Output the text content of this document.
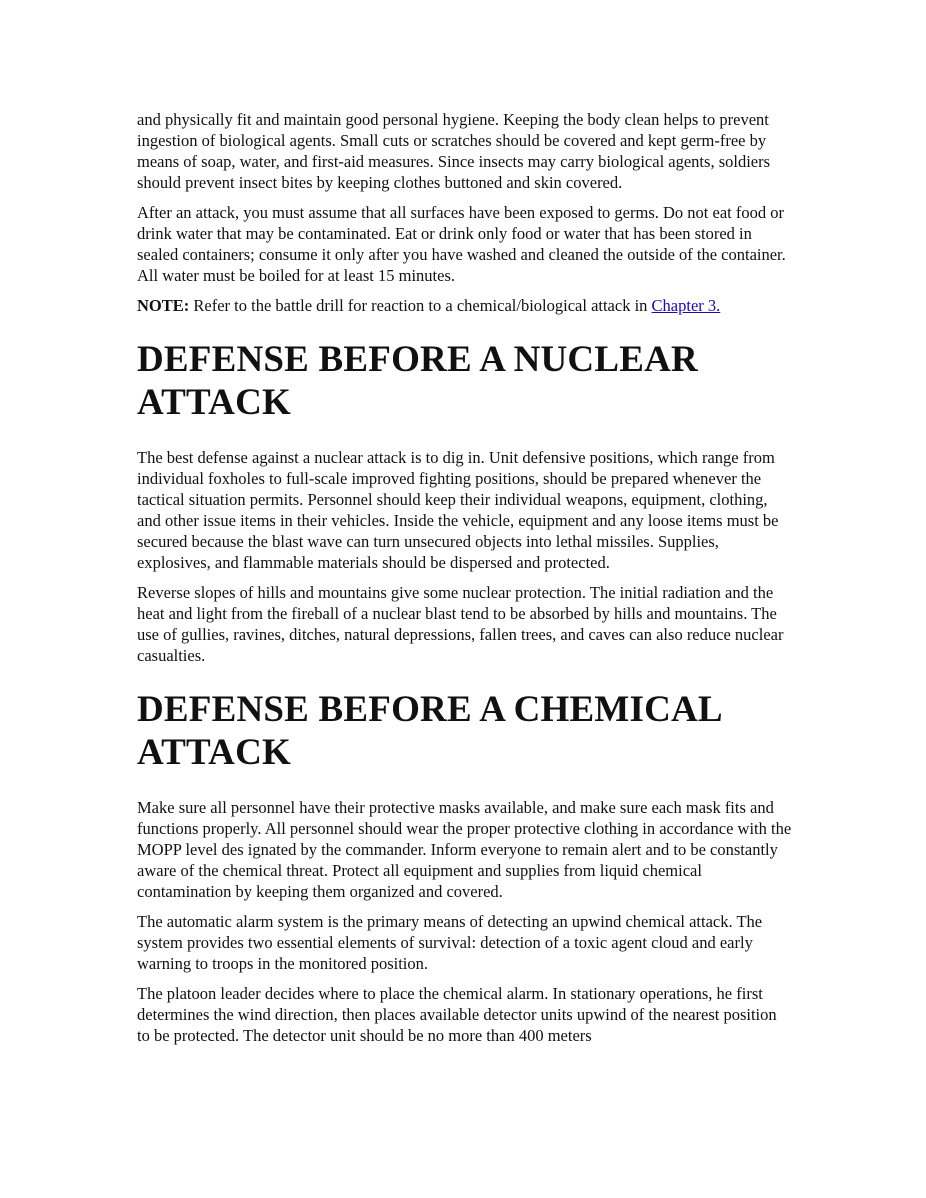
and physically fit and maintain good personal hygiene. Keeping the body clean helps to prevent ingestion of biological agents. Small cuts or scratches should be covered and kept germ-free by means of soap, water, and first-aid measures. Since insects may carry biological agents, soldiers should prevent insect bites by keeping clothes buttoned and skin covered.

After an attack, you must assume that all surfaces have been exposed to germs. Do not eat food or drink water that may be contaminated. Eat or drink only food or water that has been stored in sealed containers; consume it only after you have washed and cleaned the outside of the container. All water must be boiled for at least 15 minutes.

NOTE: Refer to the battle drill for reaction to a chemical/biological attack in Chapter 3.

DEFENSE BEFORE A NUCLEAR
ATTACK

The best defense against a nuclear attack is to dig in. Unit defensive positions, which range from individual foxholes to full-scale improved fighting positions, should be prepared whenever the tactical situation permits. Personnel should keep their individual weapons, equipment, clothing, and other issue items in their vehicles. Inside the vehicle, equipment and any loose items must be secured because the blast wave can turn unsecured objects into lethal missiles. Supplies, explosives, and flammable materials should be dispersed and protected.

Reverse slopes of hills and mountains give some nuclear protection. The initial radiation and the heat and light from the fireball of a nuclear blast tend to be absorbed by hills and mountains. The use of gullies, ravines, ditches, natural depressions, fallen trees, and caves can also reduce nuclear casualties.

DEFENSE BEFORE A CHEMICAL
ATTACK

Make sure all personnel have their protective masks available, and make sure each mask fits and functions properly. All personnel should wear the proper protective clothing in accordance with the MOPP level des ignated by the commander. Inform everyone to remain alert and to be constantly aware of the chemical threat. Protect all equipment and supplies from liquid chemical contamination by keeping them organized and covered.

The automatic alarm system is the primary means of detecting an upwind chemical attack. The system provides two essential elements of survival: detection of a toxic agent cloud and early warning to troops in the monitored position.

The platoon leader decides where to place the chemical alarm. In stationary operations, he first determines the wind direction, then places available detector units upwind of the nearest position to be protected. The detector unit should be no more than 400 meters
